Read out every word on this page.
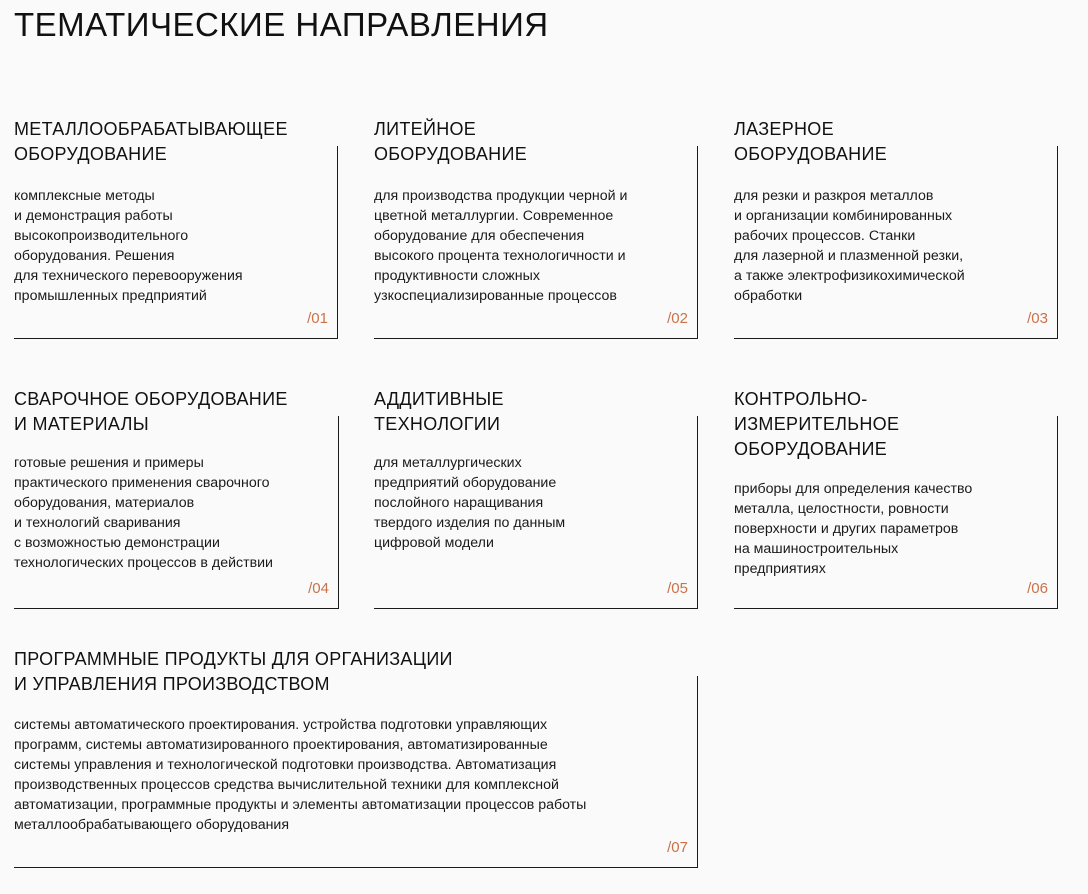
ТЕМАТИЧЕСКИЕ НАПРАВЛЕНИЯ
МЕТАЛЛООБРАБАТЫВАЮЩЕЕ
ОБОРУДОВАНИЕ
комплексные методы
и демонстрация работы
высокопроизводительного
оборудования. Решения
для технического перевооружения
промышленных предприятий
/01
ЛИТЕЙНОЕ
ОБОРУДОВАНИЕ
для производства продукции черной и
цветной металлургии. Современное
оборудование для обеспечения
высокого процента технологичности и
продуктивности сложных
узкоспециализированные процессов
/02
ЛАЗЕРНОЕ
ОБОРУДОВАНИЕ
для резки и разкроя металлов
и организации комбинированных
рабочих процессов. Станки
для лазерной и плазменной резки,
а также электрофизикохимической
обработки
/03
СВАРОЧНОЕ ОБОРУДОВАНИЕ
И МАТЕРИАЛЫ
готовые решения и примеры
практического применения сварочного
оборудования, материалов
и технологий сваривания
с возможностью демонстрации
технологических процессов в действии
/04
АДДИТИВНЫЕ
ТЕХНОЛОГИИ
для металлургических
предприятий оборудование
послойного наращивания
твердого изделия по данным
цифровой модели
/05
КОНТРОЛЬНО-
ИЗМЕРИТЕЛЬНОЕ
ОБОРУДОВАНИЕ
приборы для определения качество
металла, целостности, ровности
поверхности и других параметров
на машиностроительных
предприятиях
/06
ПРОГРАММНЫЕ ПРОДУКТЫ ДЛЯ ОРГАНИЗАЦИИ
И УПРАВЛЕНИЯ ПРОИЗВОДСТВОМ
системы автоматического проектирования. устройства подготовки управляющих
программ, системы автоматизированного проектирования, автоматизированные
системы управления и технологической подготовки производства. Автоматизация
производственных процессов средства вычислительной техники для комплексной
автоматизации, программные продукты и элементы автоматизации процессов работы
металлообрабатывающего оборудования
/07
